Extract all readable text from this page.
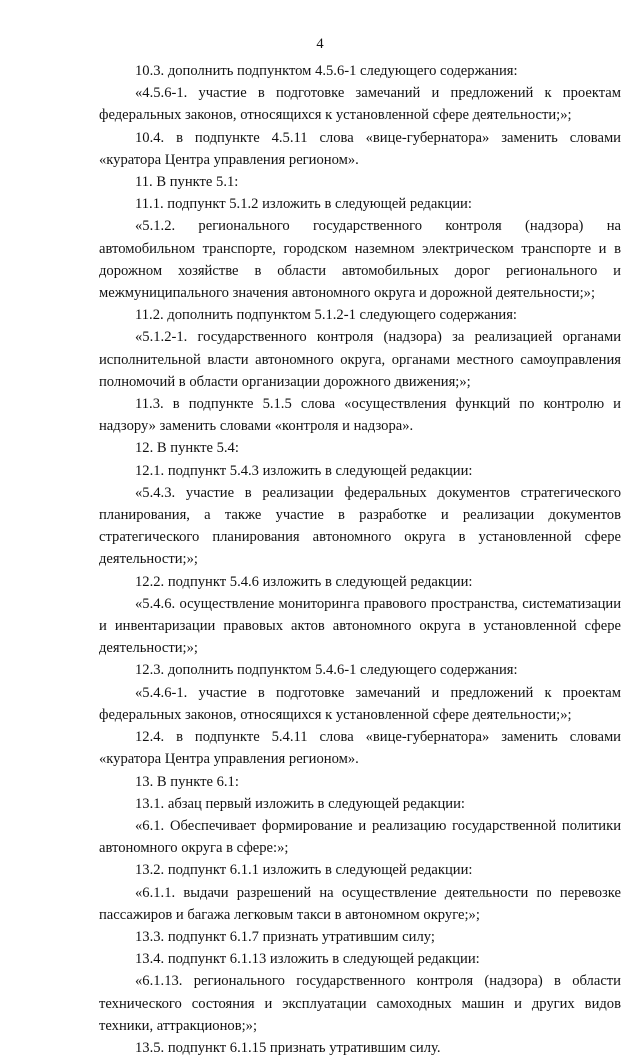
4

10.3. дополнить подпунктом 4.5.6-1 следующего содержания:

«4.5.6-1. участие в подготовке замечаний и предложений к проектам федеральных законов, относящихся к установленной сфере деятельности;»;

10.4. в подпункте 4.5.11 слова «вице-губернатора» заменить словами «куратора Центра управления регионом».

11. В пункте 5.1:

11.1. подпункт 5.1.2 изложить в следующей редакции:

«5.1.2. регионального государственного контроля (надзора) на автомобильном транспорте, городском наземном электрическом транспорте и в дорожном хозяйстве в области автомобильных дорог регионального и межмуниципального значения автономного округа и дорожной деятельности;»;

11.2. дополнить подпунктом 5.1.2-1 следующего содержания:

«5.1.2-1. государственного контроля (надзора) за реализацией органами исполнительной власти автономного округа, органами местного самоуправления полномочий в области организации дорожного движения;»;

11.3. в подпункте 5.1.5 слова «осуществления функций по контролю и надзору» заменить словами «контроля и надзора».

12. В пункте 5.4:

12.1. подпункт 5.4.3 изложить в следующей редакции:

«5.4.3. участие в реализации федеральных документов стратегического планирования, а также участие в разработке и реализации документов стратегического планирования автономного округа в установленной сфере деятельности;»;

12.2. подпункт 5.4.6 изложить в следующей редакции:

«5.4.6. осуществление мониторинга правового пространства, систематизации и инвентаризации правовых актов автономного округа в установленной сфере деятельности;»;

12.3. дополнить подпунктом 5.4.6-1 следующего содержания:

«5.4.6-1. участие в подготовке замечаний и предложений к проектам федеральных законов, относящихся к установленной сфере деятельности;»;

12.4. в подпункте 5.4.11 слова «вице-губернатора» заменить словами «куратора Центра управления регионом».

13. В пункте 6.1:

13.1. абзац первый изложить в следующей редакции:

«6.1. Обеспечивает формирование и реализацию государственной политики автономного округа в сфере:»;

13.2. подпункт 6.1.1 изложить в следующей редакции:

«6.1.1. выдачи разрешений на осуществление деятельности по перевозке пассажиров и багажа легковым такси в автономном округе;»;

13.3. подпункт 6.1.7 признать утратившим силу;

13.4. подпункт 6.1.13 изложить в следующей редакции:

«6.1.13. регионального государственного контроля (надзора) в области технического состояния и эксплуатации самоходных машин и других видов техники, аттракционов;»;

13.5. подпункт 6.1.15 признать утратившим силу.
